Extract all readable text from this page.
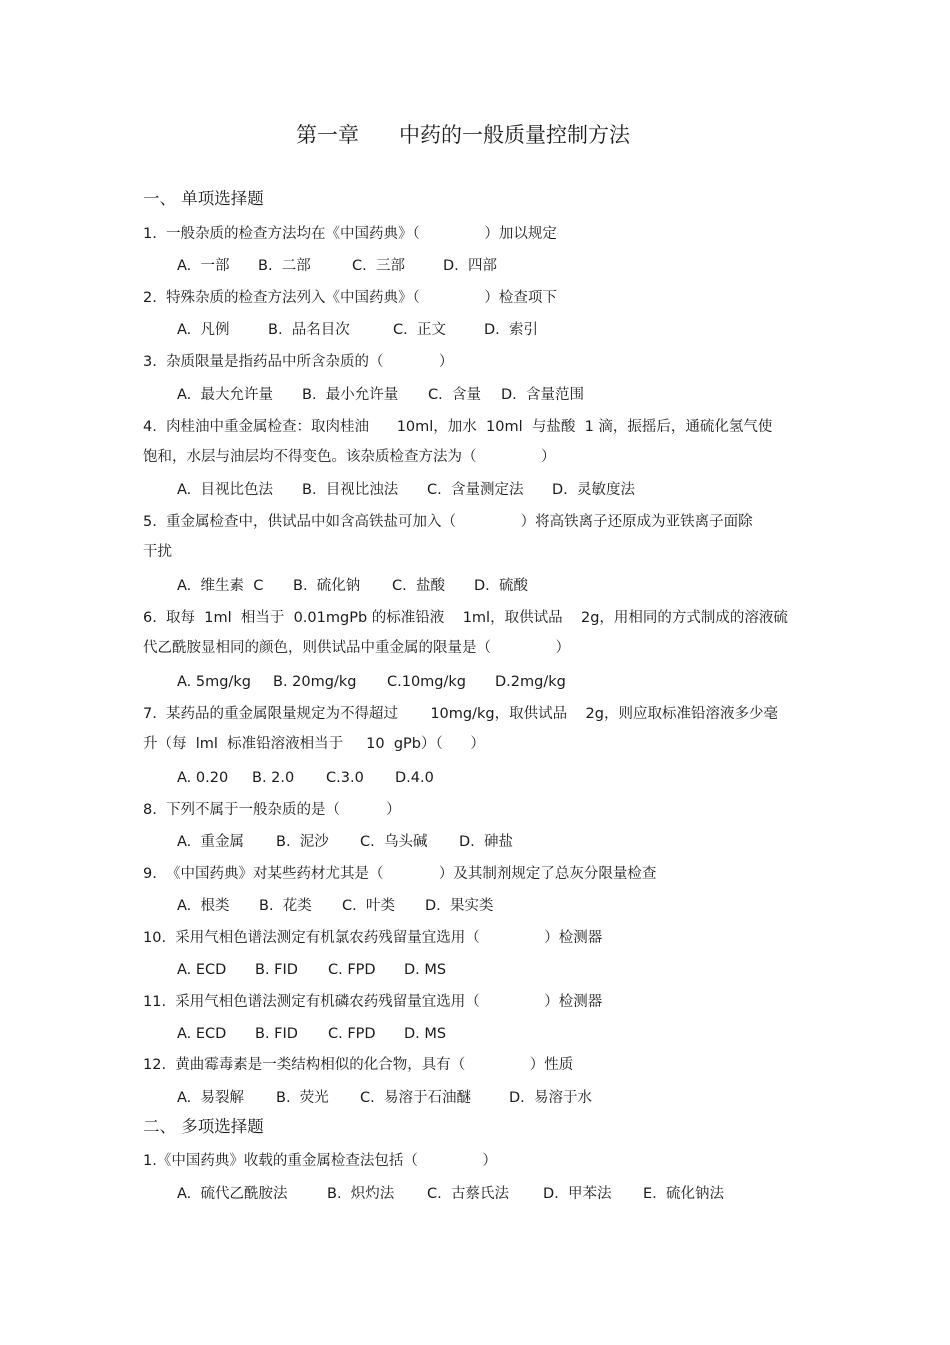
第一章      中药的一般质量控制方法
一、 单项选择题
1.  一般杂质的检查方法均在《中国药典》（              ）加以规定
A.  一部 B.  二部	C.  三部	D.  四部
2.  特殊杂质的检查方法列入《中国药典》（              ）检查项下
A.  凡例	B.  品名目次	C.  正文	D.  索引
3.  杂质限量是指药品中所含杂质的（            ）
A.  最大允许量 B.  最小允许量 C.  含量 D.  含量范围
4.  肉桂油中重金属检查：取肉桂油      10ml，加水  10ml  与盐酸  1 滴，振摇后，通硫化氢气使
饱和，水层与油层均不得变色。该杂质检查方法为（              ）
A.  目视比色法 B.  目视比浊法 C.  含量测定法 D.  灵敏度法
5.  重金属检查中，供试品中如含高铁盐可加入（              ）将高铁离子还原成为亚铁离子面除
干扰
A.  维生素  C B.  硫化钠 C.  盐酸 D.  硫酸
6.  取每  1ml  相当于  0.01mgPb 的标准铅液    1ml，取供试品    2g，用相同的方式制成的溶液硫
代乙酰胺显相同的颜色，则供试品中重金属的限量是（              ）
A. 5mg/kg B. 20mg/kg C.10mg/kg D.2mg/kg
7.  某药品的重金属限量规定为不得超过       10mg/kg，取供试品    2g，则应取标准铅溶液多少毫
升（每  lml  标准铅溶液相当于     10  gPb）（      ）
A. 0.20 B. 2.0 C.3.0 D.4.0
8.  下列不属于一般杂质的是（          ）
A.  重金属 B.  泥沙 C.  乌头碱 D.  砷盐
9.  《中国药典》对某些药材尤其是（            ）及其制剂规定了总灰分限量检查
A.  根类 B.  花类 C.  叶类 D.  果实类
10.  采用气相色谱法测定有机氯农药残留量宜选用（              ）检测器
A. ECD B. FID C. FPD D. MS
11.  采用气相色谱法测定有机磷农药残留量宜选用（              ）检测器
A. ECD B. FID C. FPD D. MS
12.  黄曲霉毒素是一类结构相似的化合物，具有（              ）性质
A.  易裂解 B.  荧光 C.  易溶于石油醚	D.  易溶于水
二、 多项选择题
1.《中国药典》收载的重金属检查法包括（              ）
A.  硫代乙酰胺法	B.  炽灼法 C.  古蔡氏法 D.  甲苯法 E.  硫化钠法
